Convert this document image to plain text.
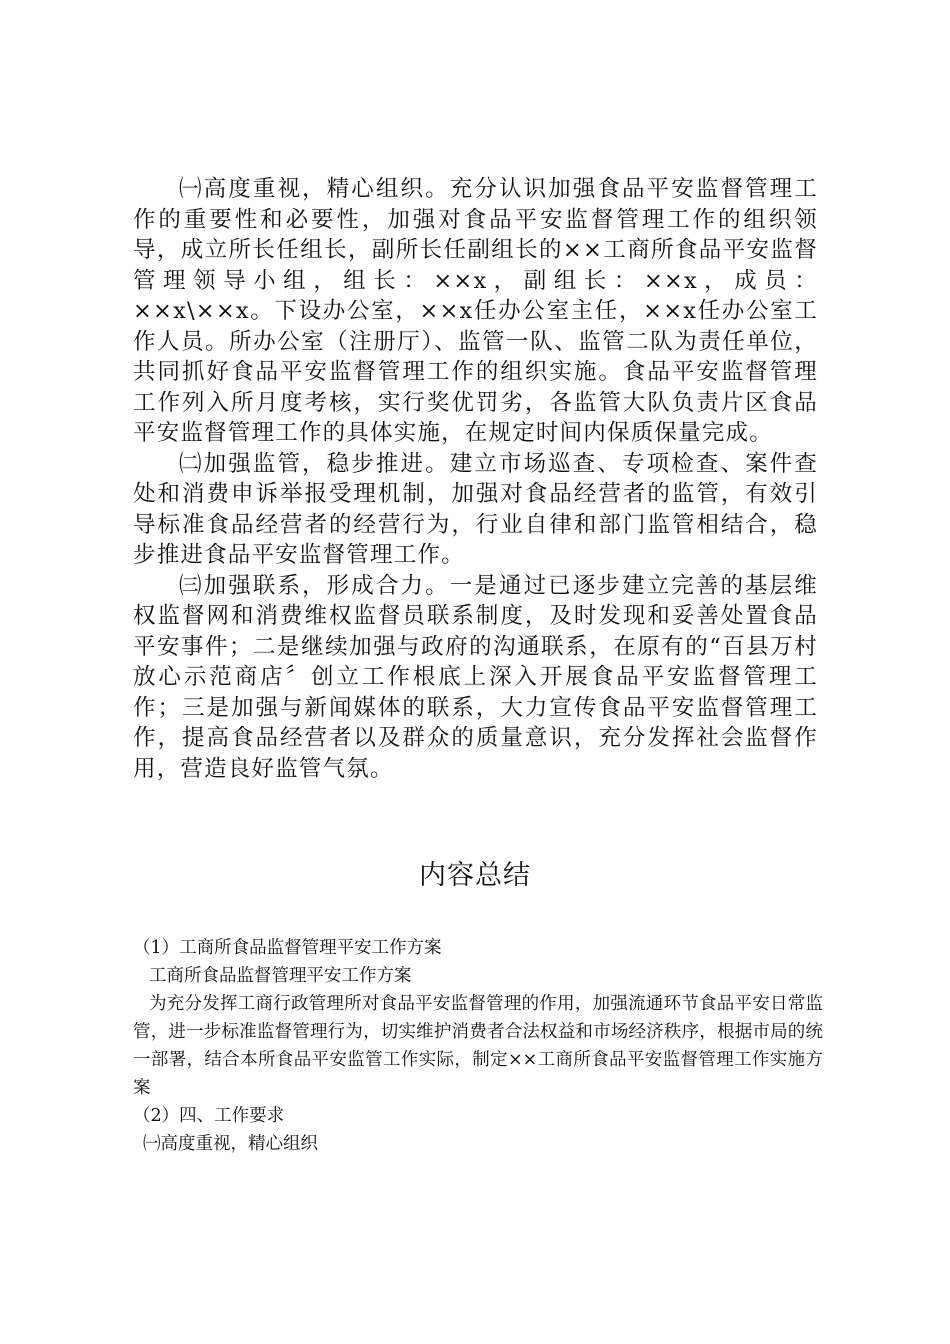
㈠高度重视，精心组织。充分认识加强食品平安监督管理工作的重要性和必要性，加强对食品平安监督管理工作的组织领导，成立所长任组长，副所长任副组长的××工商所食品平安监督管理领导小组，组长：××x，副组长：××x，成员：××x\××x。下设办公室，××x任办公室主任，××x任办公室工作人员。所办公室（注册厅）、监管一队、监管二队为责任单位，共同抓好食品平安监督管理工作的组织实施。食品平安监督管理工作列入所月度考核，实行奖优罚劣，各监管大队负责片区食品平安监督管理工作的具体实施，在规定时间内保质保量完成。

㈡加强监管，稳步推进。建立市场巡查、专项检查、案件查处和消费申诉举报受理机制，加强对食品经营者的监管，有效引导标准食品经营者的经营行为，行业自律和部门监管相结合，稳步推进食品平安监督管理工作。

㈢加强联系，形成合力。一是通过已逐步建立完善的基层维权监督网和消费维权监督员联系制度，及时发现和妥善处置食品平安事件；二是继续加强与政府的沟通联系，在原有的“百县万村放心示范商店〞创立工作根底上深入开展食品平安监督管理工作；三是加强与新闻媒体的联系，大力宣传食品平安监督管理工作，提高食品经营者以及群众的质量意识，充分发挥社会监督作用，营造良好监管气氛。

内容总结
（1）工商所食品监督管理平安工作方案
工商所食品监督管理平安工作方案
为充分发挥工商行政管理所对食品平安监督管理的作用，加强流通环节食品平安日常监管，进一步标准监督管理行为，切实维护消费者合法权益和市场经济秩序，根据市局的统一部署，结合本所食品平安监管工作实际，制定××工商所食品平安监督管理工作实施方案
（2）四、工作要求
㈠高度重视，精心组织
